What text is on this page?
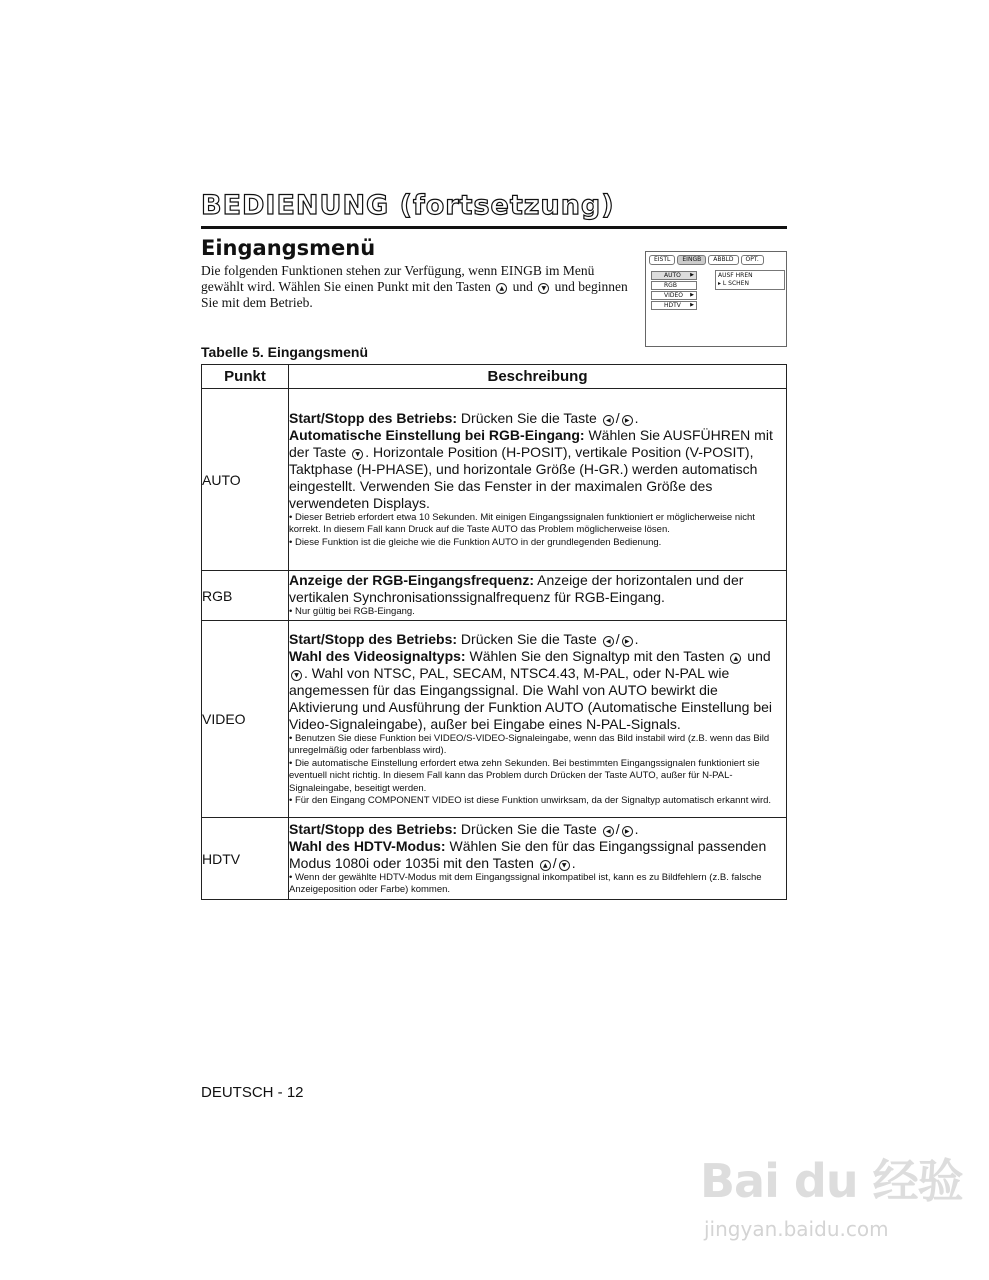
BEDIENUNG (fortsetzung)
Eingangsmenü
Die folgenden Funktionen stehen zur Verfügung, wenn EINGB im Menü gewählt wird. Wählen Sie einen Punkt mit den Tasten ▲ und ▼ und beginnen Sie mit dem Betrieb.
EISTL	EINGB	ABBLD	OPT.
AUTO ▶
RGB
VIDEO ▶
HDTV ▶
AUSF HREN
▸ L SCHEN
Tabelle 5. Eingangsmenü
Punkt	Beschreibung
AUTO	Start/Stopp des Betriebs: Drücken Sie die Taste ◀ / ▶ .
Automatische Einstellung bei RGB-Eingang: Wählen Sie AUSFÜHREN mit der Taste ▼ . Horizontale Position (H-POSIT), vertikale Position (V-POSIT), Taktphase (H-PHASE), und horizontale Größe (H-GR.) werden automatisch eingestellt. Verwenden Sie das Fenster in der maximalen Größe des verwendeten Displays.
• Dieser Betrieb erfordert etwa 10 Sekunden. Mit einigen Eingangssignalen funktioniert er möglicherweise nicht korrekt. In diesem Fall kann Druck auf die Taste AUTO das Problem möglicherweise lösen.
• Diese Funktion ist die gleiche wie die Funktion AUTO in der grundlegenden Bedienung.

RGB	Anzeige der RGB-Eingangsfrequenz: Anzeige der horizontalen und der vertikalen Synchronisationssignalfrequenz für RGB-Eingang.
• Nur gültig bei RGB-Eingang.

VIDEO	Start/Stopp des Betriebs: Drücken Sie die Taste ◀ / ▶ .
Wahl des Videosignaltyps: Wählen Sie den Signaltyp mit den Tasten ▲ und ▼ . Wahl von NTSC, PAL, SECAM, NTSC4.43, M-PAL, oder N-PAL wie angemessen für das Eingangssignal. Die Wahl von AUTO bewirkt die Aktivierung und Ausführung der Funktion AUTO (Automatische Einstellung bei Video-Signaleingabe), außer bei Eingabe eines N-PAL-Signals.
• Benutzen Sie diese Funktion bei VIDEO/S-VIDEO-Signaleingabe, wenn das Bild instabil wird (z.B. wenn das Bild unregelmäßig oder farbenblass wird).
• Die automatische Einstellung erfordert etwa zehn Sekunden. Bei bestimmten Eingangssignalen funktioniert sie eventuell nicht richtig. In diesem Fall kann das Problem durch Drücken der Taste AUTO, außer für N-PAL-Signaleingabe, beseitigt werden.
• Für den Eingang COMPONENT VIDEO ist diese Funktion unwirksam, da der Signaltyp automatisch erkannt wird.

HDTV	Start/Stopp des Betriebs: Drücken Sie die Taste ◀ / ▶ .
Wahl des HDTV-Modus: Wählen Sie den für das Eingangssignal passenden Modus 1080i oder 1035i mit den Tasten ▲ / ▼ .
• Wenn der gewählte HDTV-Modus mit dem Eingangssignal inkompatibel ist, kann es zu Bildfehlern (z.B. falsche Anzeigeposition oder Farbe) kommen.
DEUTSCH - 12
Bai du 经验
jingyan.baidu.com
